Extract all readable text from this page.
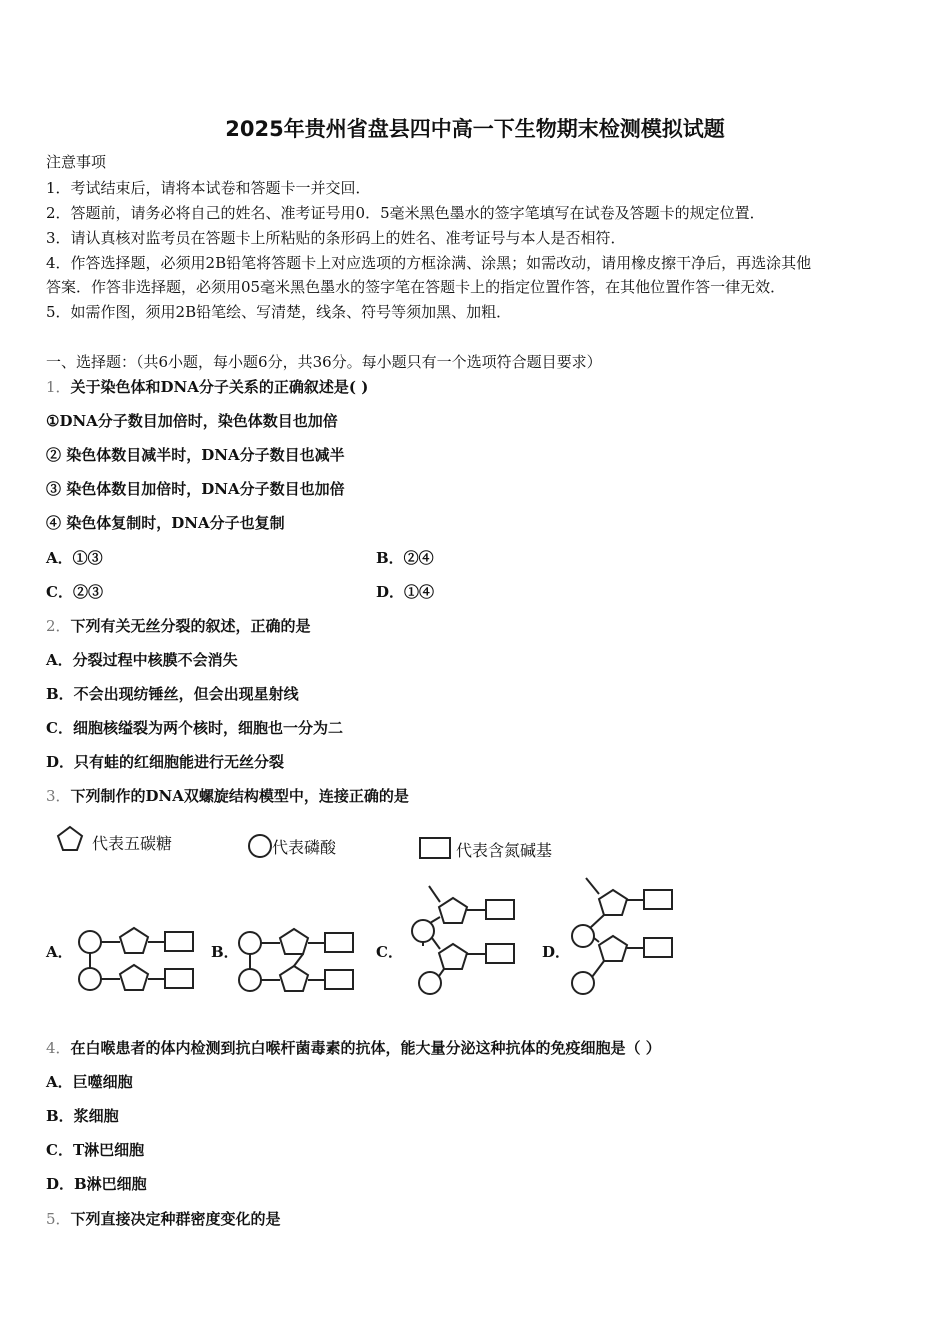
2025年贵州省盘县四中高一下生物期末检测模拟试题
注意事项
1．考试结束后，请将本试卷和答题卡一并交回．
2．答题前，请务必将自己的姓名、准考证号用0．5毫米黑色墨水的签字笔填写在试卷及答题卡的规定位置．
3．请认真核对监考员在答题卡上所粘贴的条形码上的姓名、准考证号与本人是否相符．
4．作答选择题，必须用2B铅笔将答题卡上对应选项的方框涂满、涂黑；如需改动，请用橡皮擦干净后，再选涂其他
答案．作答非选择题，必须用05毫米黑色墨水的签字笔在答题卡上的指定位置作答，在其他位置作答一律无效．
5．如需作图，须用2B铅笔绘、写清楚，线条、符号等须加黑、加粗．
一、选择题：（共6小题，每小题6分，共36分。每小题只有一个选项符合题目要求）
1．关于染色体和DNA分子关系的正确叙述是( )
①DNA分子数目加倍时，染色体数目也加倍
② 染色体数目减半时，DNA分子数目也减半
③ 染色体数目加倍时，DNA分子数目也加倍
④ 染色体复制时，DNA分子也复制
A．①③	B．②④
C．②③	D．①④
2．下列有关无丝分裂的叙述，正确的是
A．分裂过程中核膜不会消失
B．不会出现纺锤丝，但会出现星射线
C．细胞核缢裂为两个核时，细胞也一分为二
D．只有蛙的红细胞能进行无丝分裂
3．下列制作的DNA双螺旋结构模型中，连接正确的是
代表五碳糖	代表磷酸	代表含氮碱基
A．	B．	C．	D．
4．在白喉患者的体内检测到抗白喉杆菌毒素的抗体，能大量分泌这种抗体的免疫细胞是（ ）
A．巨噬细胞
B．浆细胞
C．T淋巴细胞
D．B淋巴细胞
5．下列直接决定种群密度变化的是
